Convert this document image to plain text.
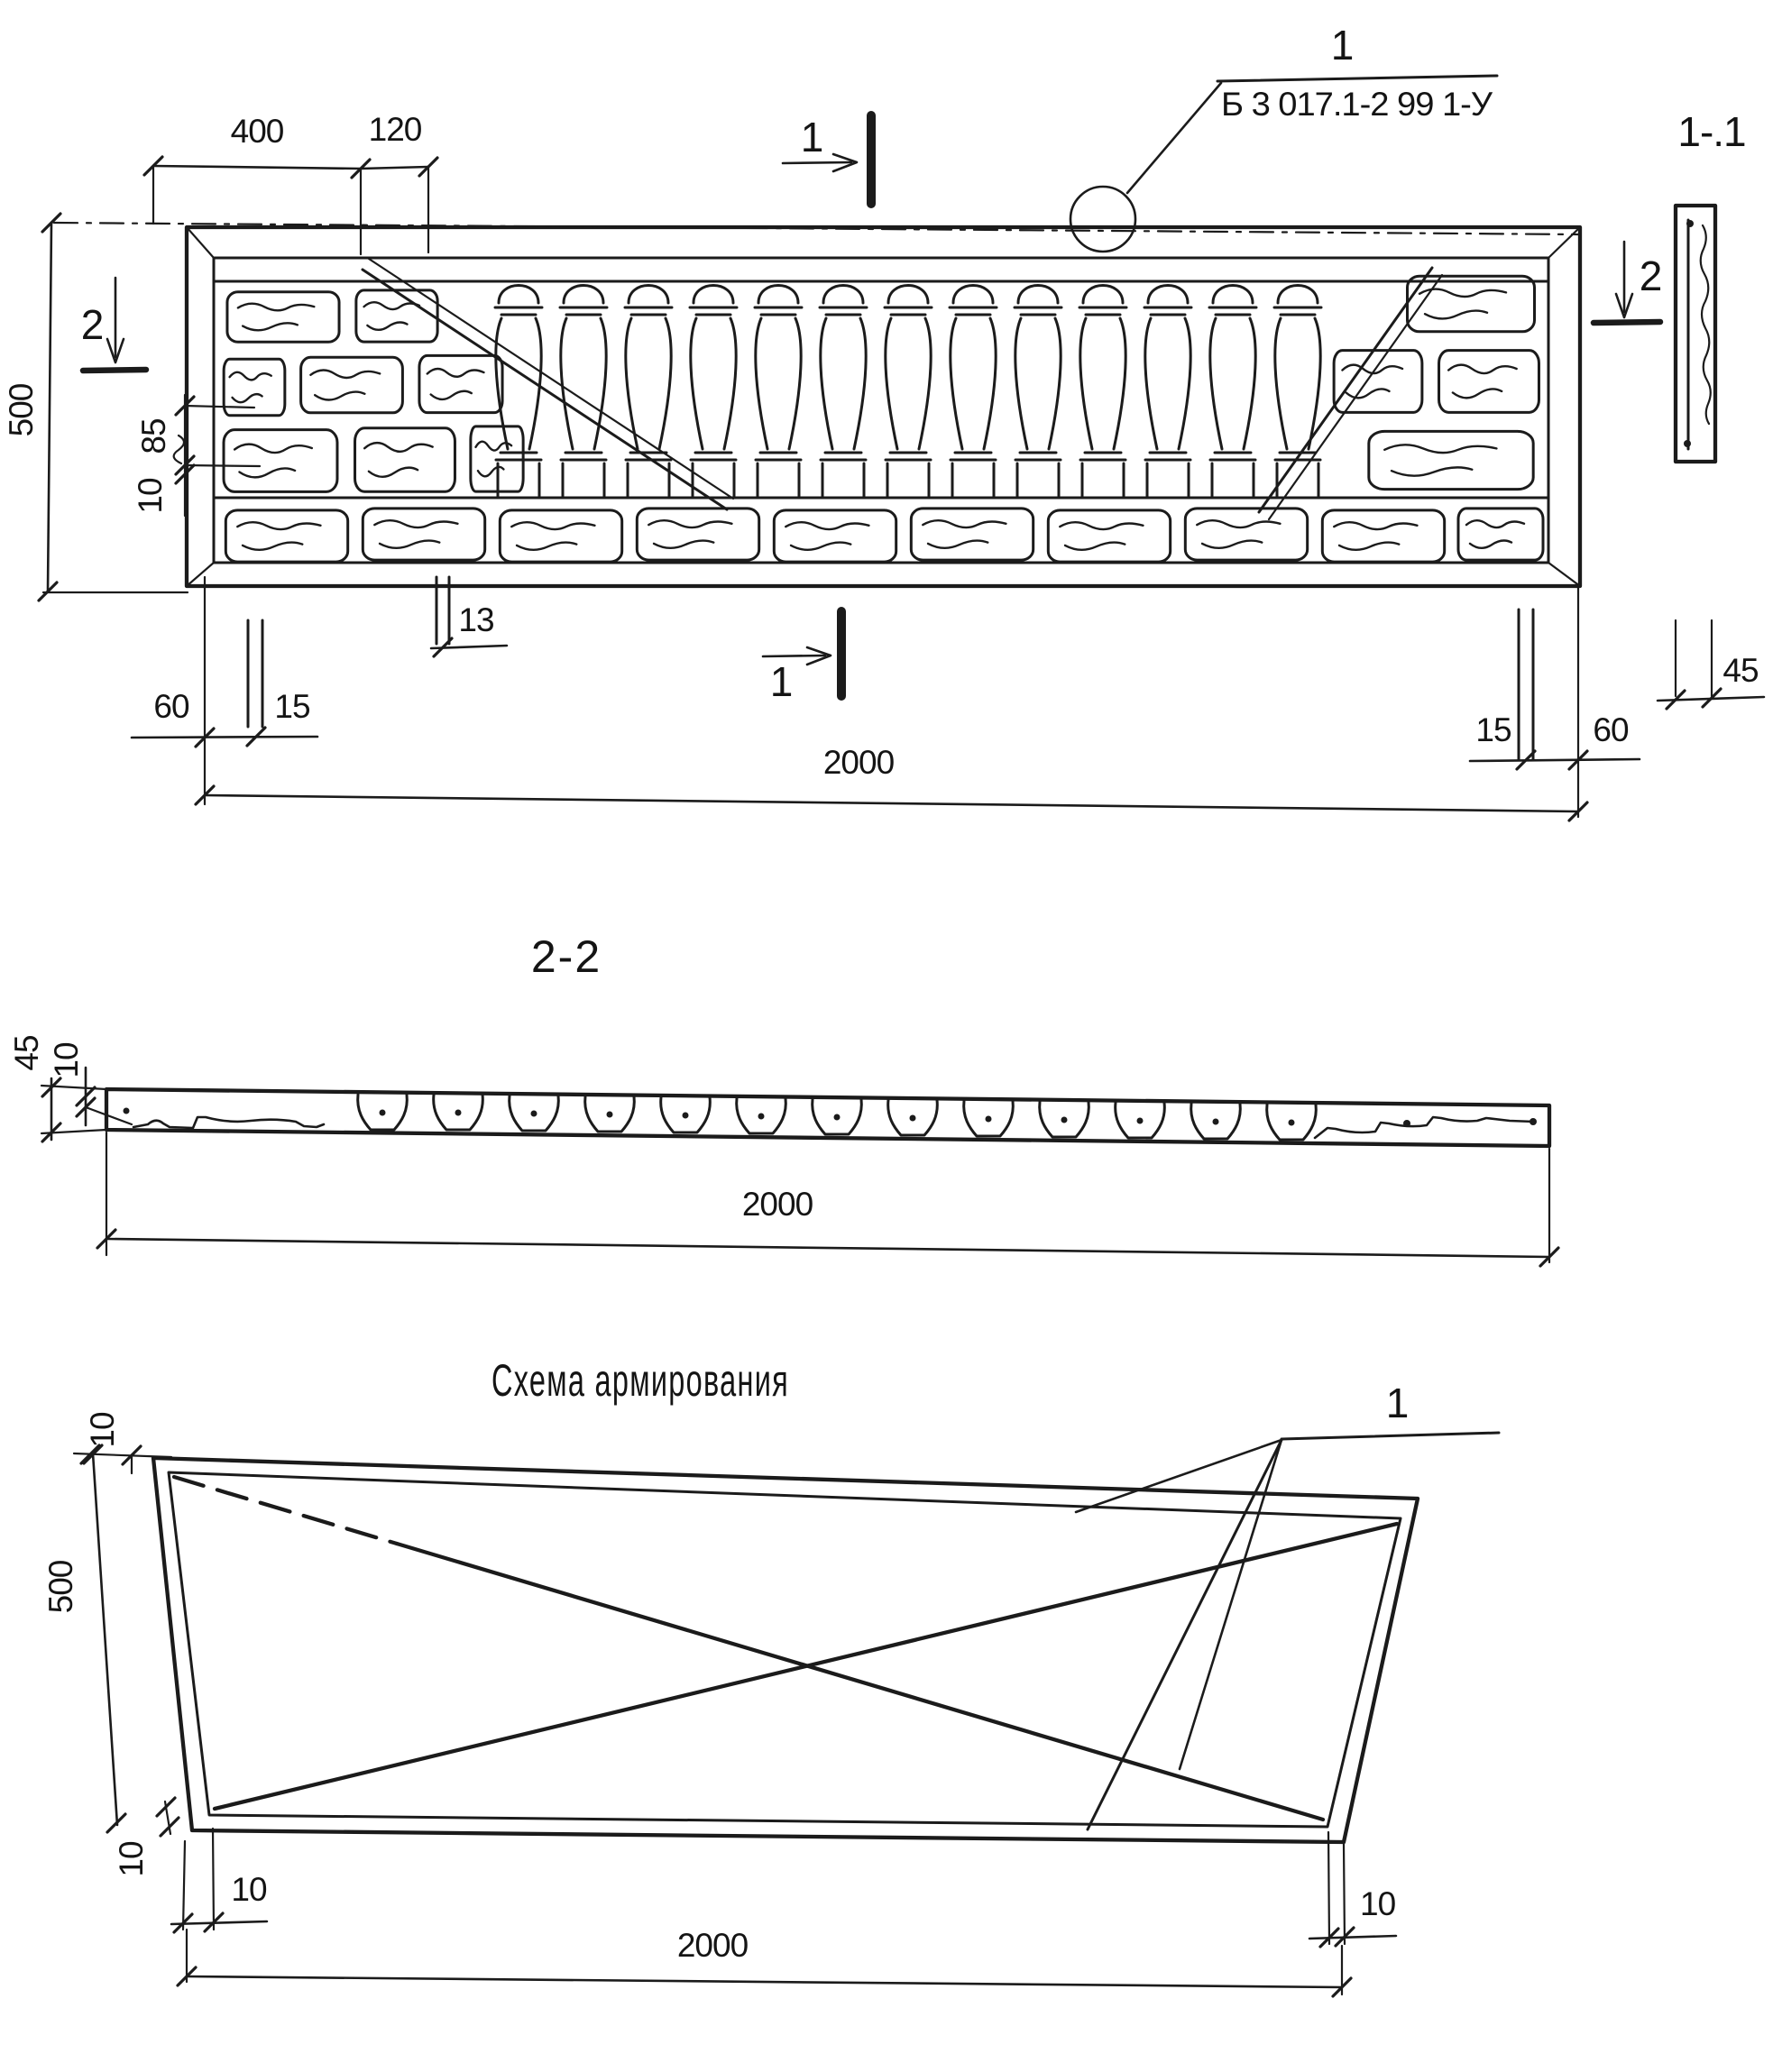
1
Б 3 017.1-2 99 1-У
1
1
2
2
400	120
500	85
10
60	15
13
15 60
2000
1-.1
45
2-2
45 10
2000
Схема армирования	1
10
500
10
10	10
2000
